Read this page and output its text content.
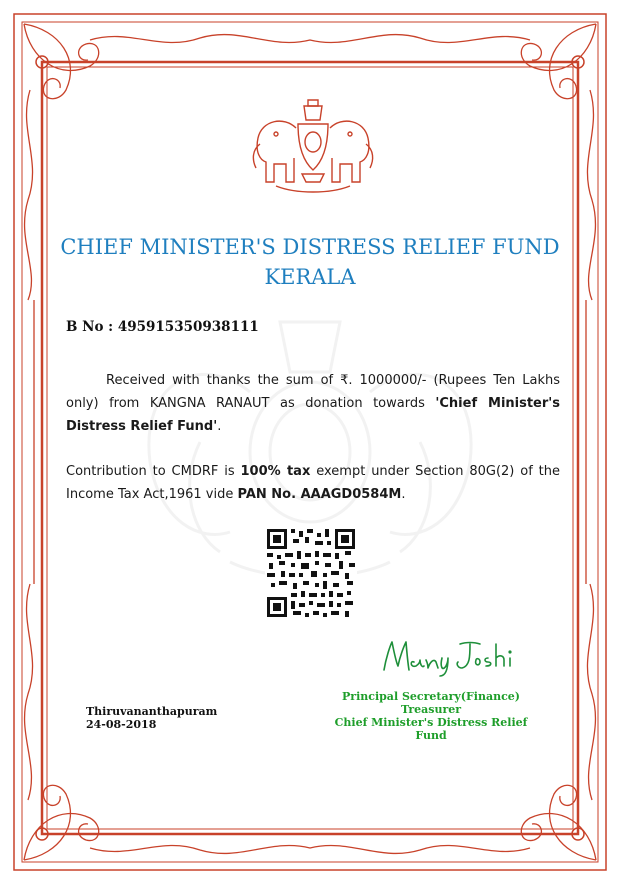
CHIEF MINISTER'S DISTRESS RELIEF FUND
KERALA
B No : 495915350938111
Received with thanks the sum of ₹. 1000000/- (Rupees Ten Lakhs only) from KANGNA RANAUT as donation towards 'Chief Minister's Distress Relief Fund'.
Contribution to CMDRF is 100% tax exempt under Section 80G(2) of the Income Tax Act,1961 vide PAN No. AAAGD0584M.
Principal Secretary(Finance)
Treasurer
Chief Minister's Distress Relief Fund
Thiruvananthapuram
24-08-2018
